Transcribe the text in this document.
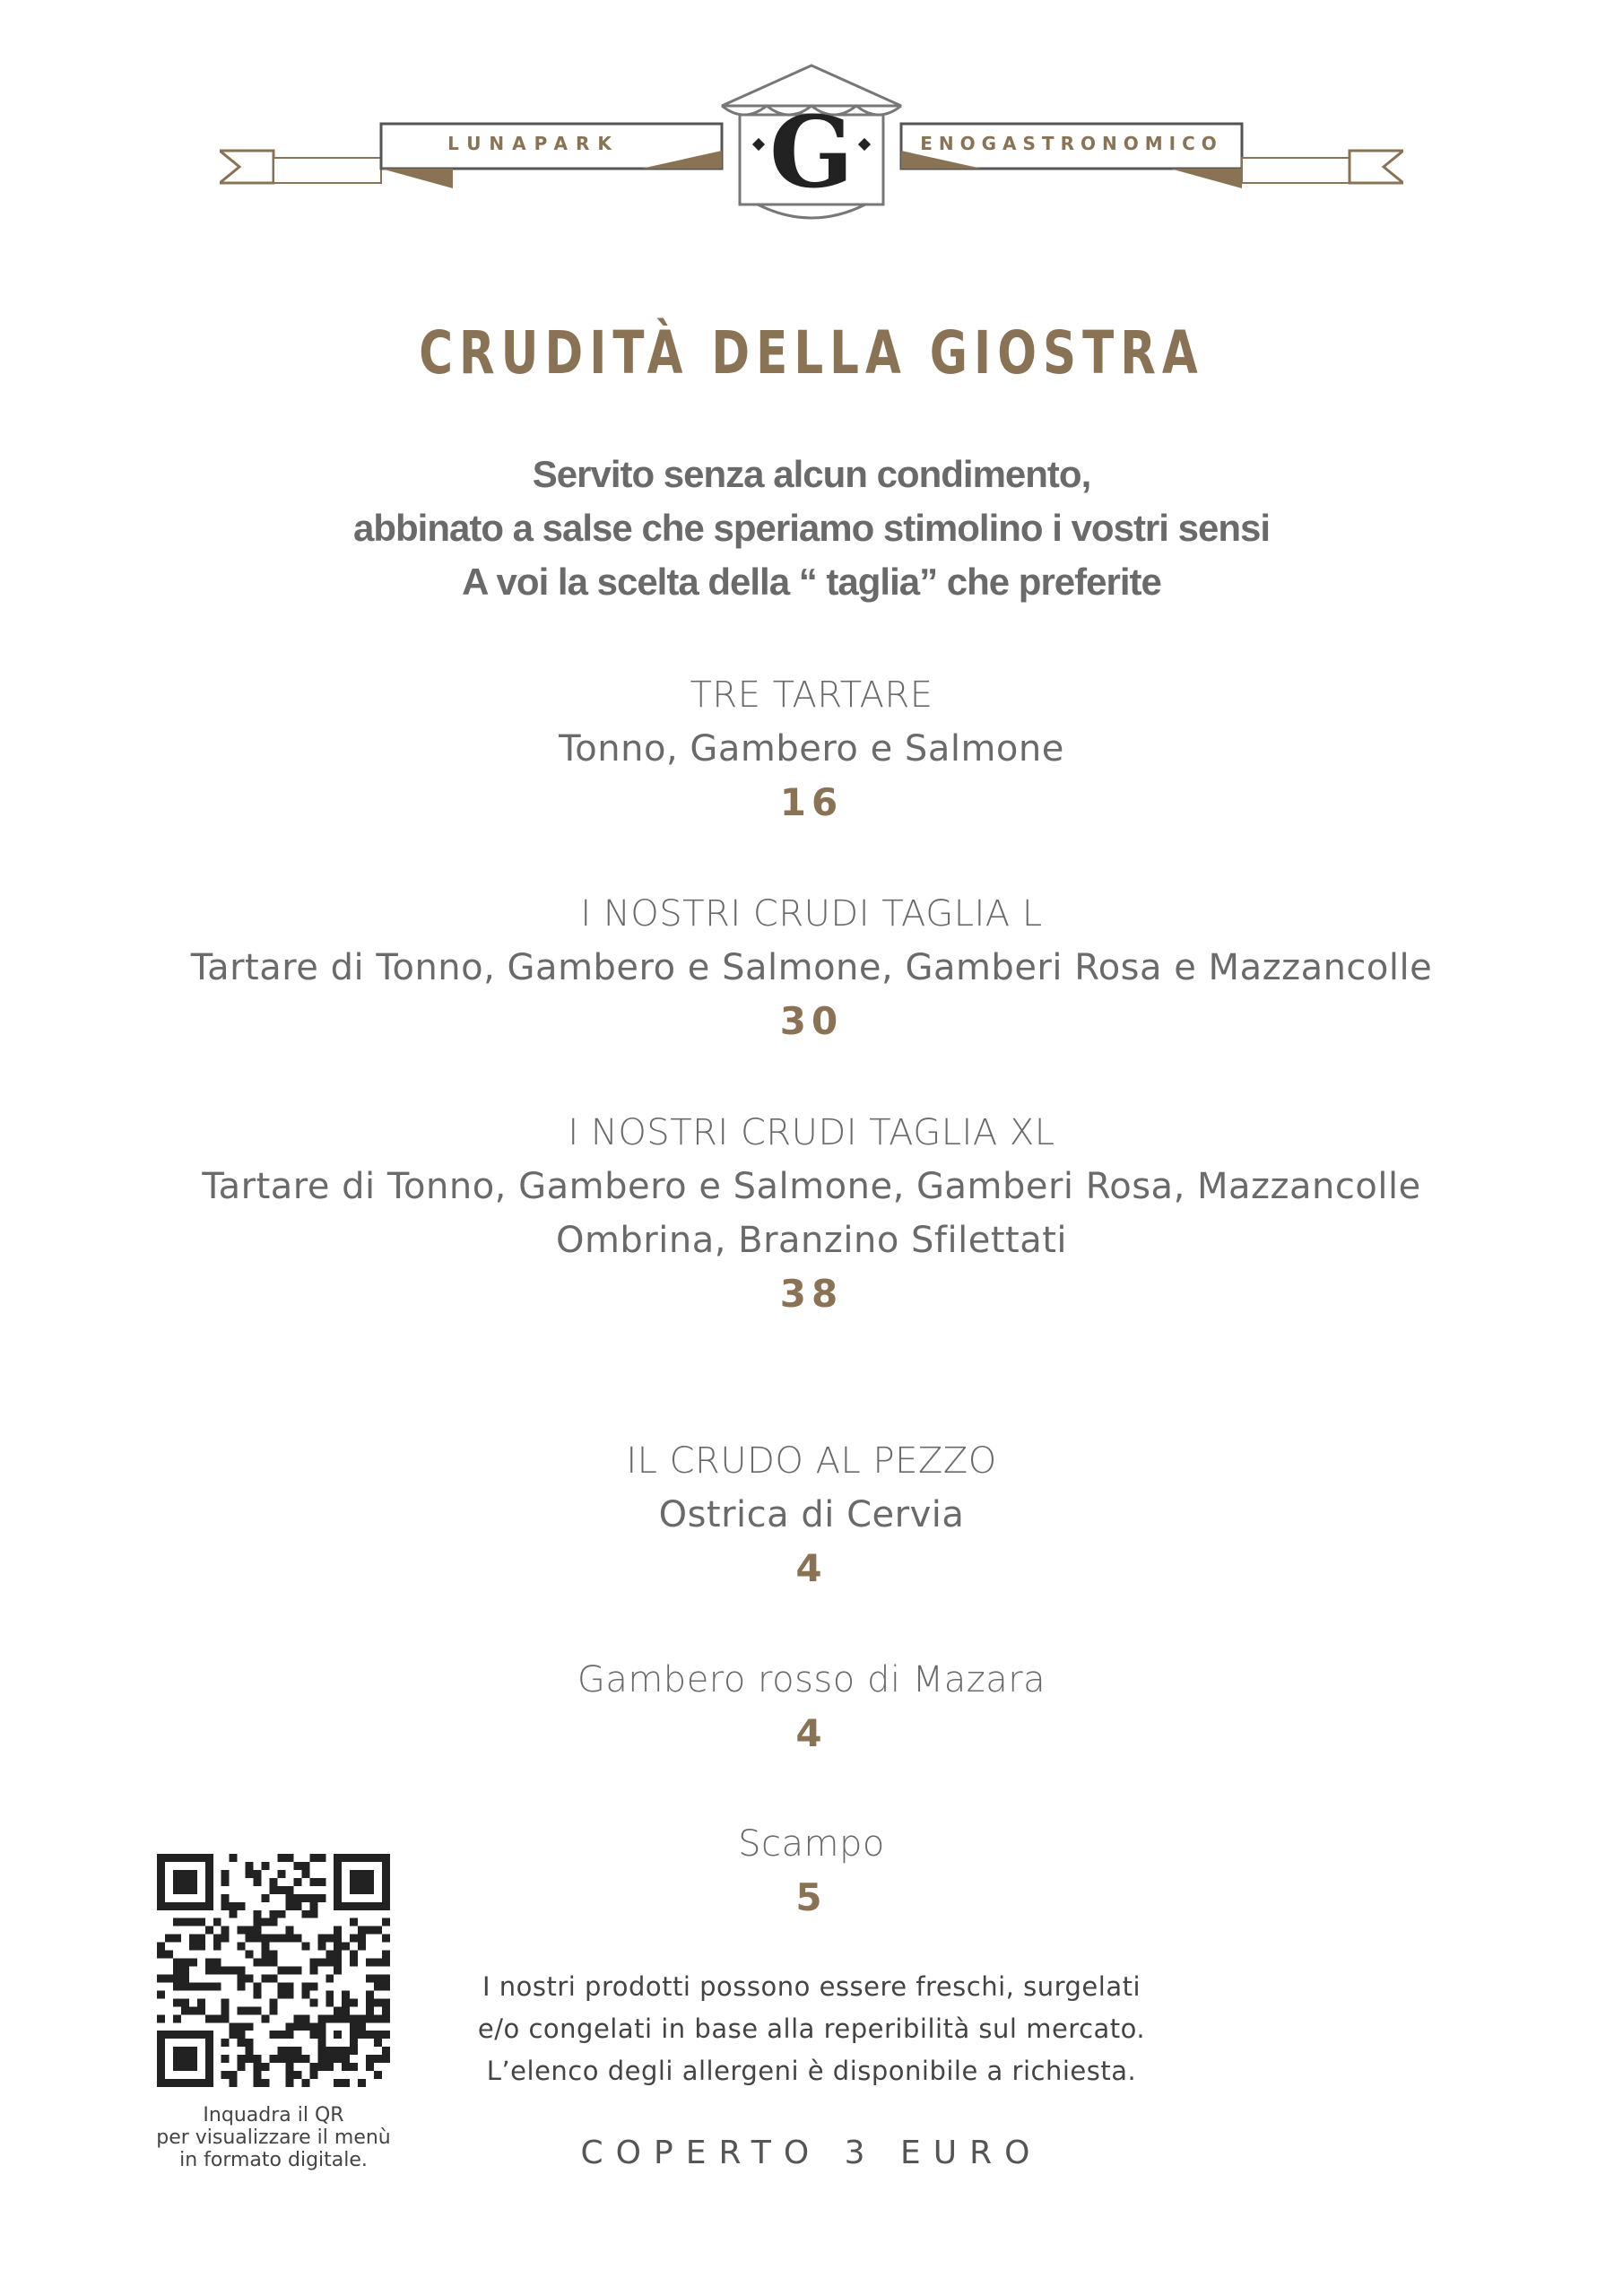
G
LUNAPARK	ENOGASTRONOMICO
CRUDITÀ DELLA GIOSTRA
Servito senza alcun condimento,
abbinato a salse che speriamo stimolino i vostri sensi
A voi la scelta della “ taglia” che preferite
TRE TARTARE
Tonno, Gambero e Salmone
16
I NOSTRI CRUDI TAGLIA L
Tartare di Tonno, Gambero e Salmone, Gamberi Rosa e Mazzancolle
30
I NOSTRI CRUDI TAGLIA XL
Tartare di Tonno, Gambero e Salmone, Gamberi Rosa, Mazzancolle
Ombrina, Branzino Sfilettati
38
IL CRUDO AL PEZZO
Ostrica di Cervia
4
Gambero rosso di Mazara
4
Scampo
5
I nostri prodotti possono essere freschi, surgelati
e/o congelati in base alla reperibilità sul mercato.
L’elenco degli allergeni è disponibile a richiesta.
COPERTO 3 EURO
Inquadra il QR
per visualizzare il menù
in formato digitale.
